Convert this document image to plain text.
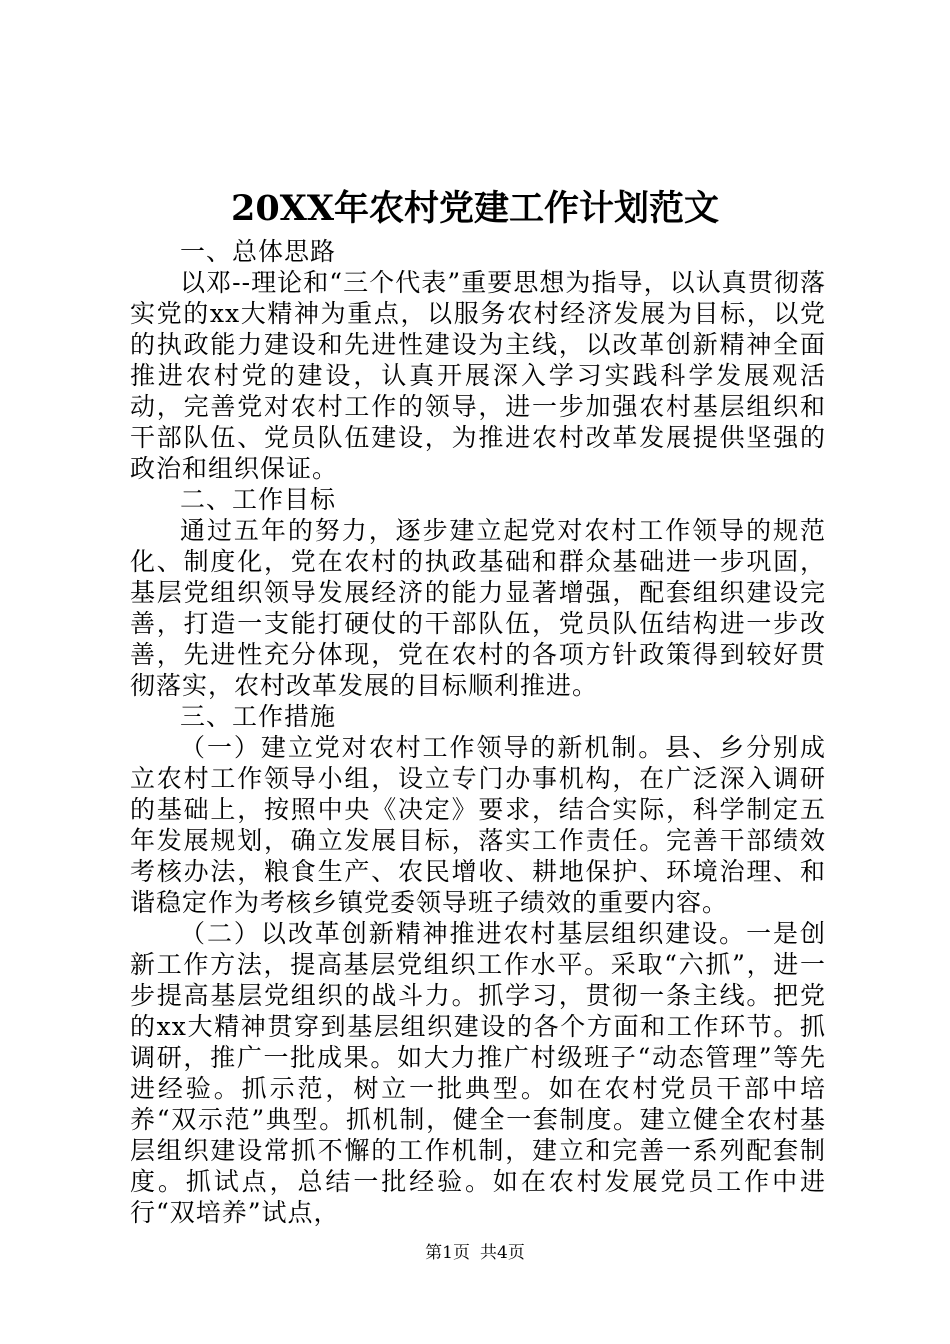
20XX年农村党建工作计划范文

一、总体思路

以邓--理论和“三个代表”重要思想为指导，以认真贯彻落实党的xx大精神为重点，以服务农村经济发展为目标，以党的执政能力建设和先进性建设为主线，以改革创新精神全面推进农村党的建设，认真开展深入学习实践科学发展观活动，完善党对农村工作的领导，进一步加强农村基层组织和干部队伍、党员队伍建设，为推进农村改革发展提供坚强的政治和组织保证。

二、工作目标

通过五年的努力，逐步建立起党对农村工作领导的规范化、制度化，党在农村的执政基础和群众基础进一步巩固，基层党组织领导发展经济的能力显著增强，配套组织建设完善，打造一支能打硬仗的干部队伍，党员队伍结构进一步改善，先进性充分体现，党在农村的各项方针政策得到较好贯彻落实，农村改革发展的目标顺利推进。

三、工作措施

（一）建立党对农村工作领导的新机制。县、乡分别成立农村工作领导小组，设立专门办事机构，在广泛深入调研的基础上，按照中央《决定》要求，结合实际，科学制定五年发展规划，确立发展目标，落实工作责任。完善干部绩效考核办法，粮食生产、农民增收、耕地保护、环境治理、和谐稳定作为考核乡镇党委领导班子绩效的重要内容。

（二）以改革创新精神推进农村基层组织建设。一是创新工作方法，提高基层党组织工作水平。采取“六抓”，进一步提高基层党组织的战斗力。抓学习，贯彻一条主线。把党的xx大精神贯穿到基层组织建设的各个方面和工作环节。抓调研，推广一批成果。如大力推广村级班子“动态管理”等先进经验。抓示范，树立一批典型。如在农村党员干部中培养“双示范”典型。抓机制，健全一套制度。建立健全农村基层组织建设常抓不懈的工作机制，建立和完善一系列配套制度。抓试点，总结一批经验。如在农村发展党员工作中进行“双培养”试点，

第1页 共4页
